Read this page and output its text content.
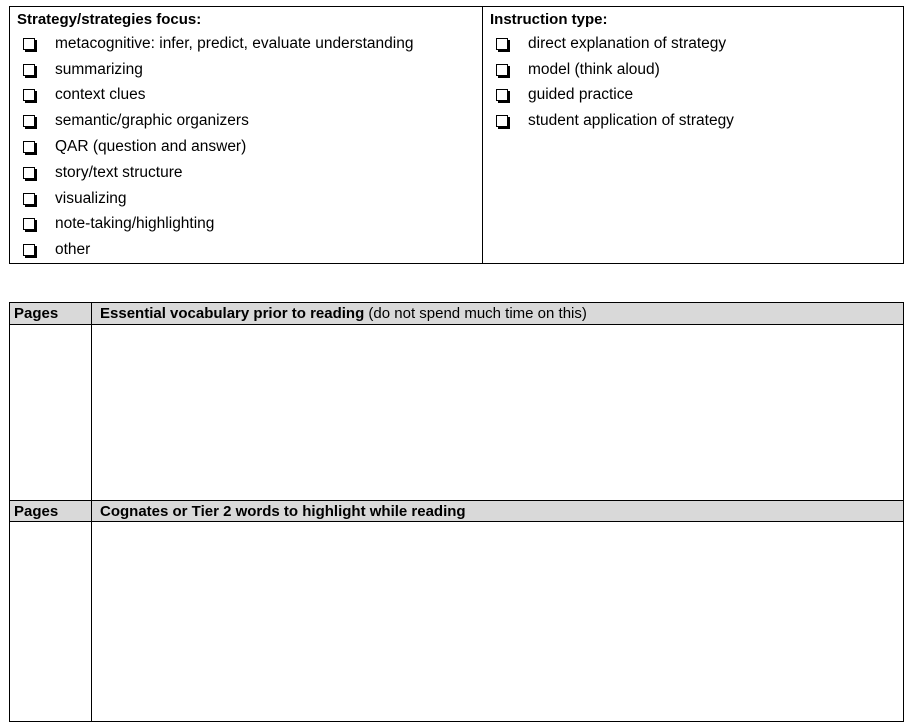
Strategy/strategies focus:
metacognitive: infer, predict, evaluate understanding
summarizing
context clues
semantic/graphic organizers
QAR (question and answer)
story/text structure
visualizing
note-taking/highlighting
other
Instruction type:
direct explanation of strategy
model (think aloud)
guided practice
student application of strategy
Pages	Essential vocabulary prior to reading (do not spend much time on this)
Pages	Cognates or Tier 2 words to highlight while reading
